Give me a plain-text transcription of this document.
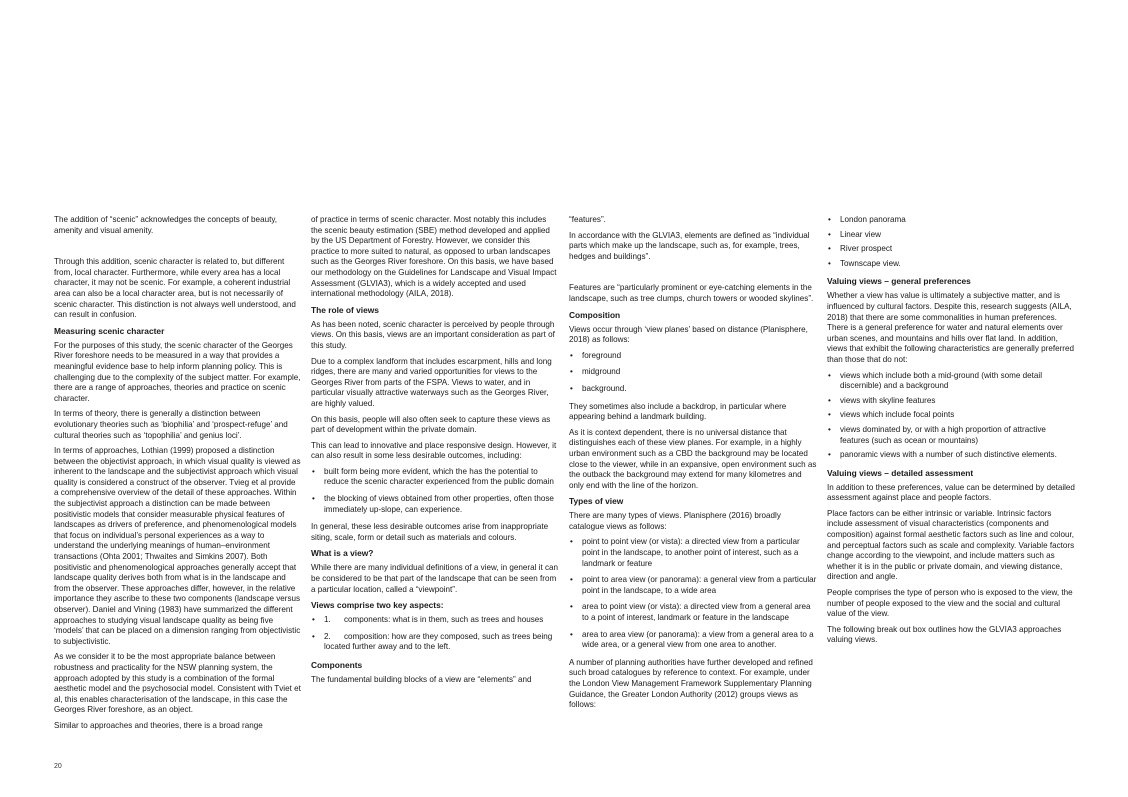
The addition of “scenic” acknowledges the concepts of beauty, amenity and visual amenity.

Through this addition, scenic character is related to, but different from, local character. Furthermore, while every area has a local character, it may not be scenic. For example, a coherent industrial area can also be a local character area, but is not necessarily of scenic character. This distinction is not always well understood, and can result in confusion.

Measuring scenic character

For the purposes of this study, the scenic character of the Georges River foreshore needs to be measured in a way that provides a meaningful evidence base to help inform planning policy. This is challenging due to the complexity of the subject matter. For example, there are a range of approaches, theories and practice on scenic character.

In terms of theory, there is generally a distinction between evolutionary theories such as ‘biophilia’ and ‘prospect-refuge’ and cultural theories such as ‘topophilia’ and genius loci’.

In terms of approaches, Lothian (1999) proposed a distinction between the objectivist approach, in which visual quality is viewed as inherent to the landscape and the subjectivist approach which visual quality is considered a construct of the observer. Tvieg et al provide a comprehensive overview of the detail of these approaches. Within the subjectivist approach a distinction can be made between positivistic models that consider measurable physical features of landscapes as drivers of preference, and phenomenological models that focus on individual’s personal experiences as a way to understand the underlying meanings of human–environment transactions (Ohta 2001; Thwaites and Simkins 2007). Both positivistic and phenomenological approaches generally accept that landscape quality derives both from what is in the landscape and from the observer. These approaches differ, however, in the relative importance they ascribe to these two components (landscape versus observer). Daniel and Vining (1983) have summarized the different approaches to studying visual landscape quality as being five ‘models’ that can be placed on a dimension ranging from objectivistic to subjectivistic.

As we consider it to be the most appropriate balance between robustness and practicality for the NSW planning system, the approach adopted by this study is a combination of the formal aesthetic model and the psychosocial model. Consistent with Tviet et al, this enables characterisation of the landscape, in this case the Georges River foreshore, as an object.

Similar to approaches and theories, there is a broad range

of practice in terms of scenic character. Most notably this includes the scenic beauty estimation (SBE) method developed and applied by the US Department of Forestry. However, we consider this practice to more suited to natural, as opposed to urban landscapes such as the Georges River foreshore. On this basis, we have based our methodology on the Guidelines for Landscape and Visual Impact Assessment (GLVIA3), which is a widely accepted and used international methodology (AILA, 2018).

The role of views

As has been noted, scenic character is perceived by people through views. On this basis, views are an important consideration as part of this study.

Due to a complex landform that includes escarpment, hills and long ridges, there are many and varied opportunities for views to the Georges River from parts of the FSPA. Views to water, and in particular visually attractive waterways such as the Georges River, are highly valued.

On this basis, people will also often seek to capture these views as part of development within the private domain.

This can lead to innovative and place responsive design. However, it can also result in some less desirable outcomes, including:

• built form being more evident, which the has the potential to reduce the scenic character experienced from the public domain
• the blocking of views obtained from other properties, often those immediately up-slope, can experience.

In general, these less desirable outcomes arise from inappropriate siting, scale, form or detail such as materials and colours.

What is a view?

While there are many individual definitions of a view, in general it can be considered to be that part of the landscape that can be seen from a particular location, called a “viewpoint”.

Views comprise two key aspects:
• 1. components: what is in them, such as trees and houses
• 2. composition: how are they composed, such as trees being located further away and to the left.
Components

The fundamental building blocks of a view are “elements” and

“features”.

In accordance with the GLVIA3, elements are defined as “individual parts which make up the landscape, such as, for example, trees, hedges and buildings”.

Features are “particularly prominent or eye-catching elements in the landscape, such as tree clumps, church towers or wooded skylines”.

Composition

Views occur through ‘view planes’ based on distance (Planisphere, 2018) as follows:

• foreground
• midground
• background.

They sometimes also include a backdrop, in particular where appearing behind a landmark building.

As it is context dependent, there is no universal distance that distinguishes each of these view planes. For example, in a highly urban environment such as a CBD the background may be located close to the viewer, while in an expansive, open environment such as the outback the background may extend for many kilometres and only end with the line of the horizon.

Types of view

There are many types of views. Planisphere (2016) broadly catalogue views as follows:

• point to point view (or vista): a directed view from a particular point in the landscape, to another point of interest, such as a landmark or feature
• point to area view (or panorama): a general view from a particular point in the landscape, to a wide area
• area to point view (or vista): a directed view from a general area to a point of interest, landmark or feature in the landscape
• area to area view (or panorama): a view from a general area to a wide area, or a general view from one area to another.

A number of planning authorities have further developed and refined such broad catalogues by reference to context. For example, under the London View Management Framework Supplementary Planning Guidance, the Greater London Authority (2012) groups views as follows:

• London panorama
• Linear view
• River prospect
• Townscape view.
Valuing views – general preferences

Whether a view has value is ultimately a subjective matter, and is influenced by cultural factors. Despite this, research suggests (AILA, 2018) that there are some commonalities in human preferences. There is a general preference for water and natural elements over urban scenes, and mountains and hills over flat land. In addition, views that exhibit the following characteristics are generally preferred than those that do not:

• views which include both a mid-ground (with some detail discernible) and a background
• views with skyline features
• views which include focal points
• views dominated by, or with a high proportion of attractive features (such as ocean or mountains)
• panoramic views with a number of such distinctive elements.
Valuing views – detailed assessment

In addition to these preferences, value can be determined by detailed assessment against place and people factors.

Place factors can be either intrinsic or variable. Intrinsic factors include assessment of visual characteristics (components and composition) against formal aesthetic factors such as line and colour, and perceptual factors such as scale and complexity. Variable factors change according to the viewpoint, and include matters such as whether it is in the public or private domain, and viewing distance, direction and angle.

People comprises the type of person who is exposed to the view, the number of people exposed to the view and the social and cultural value of the view.

The following break out box outlines how the GLVIA3 approaches valuing views.

20
